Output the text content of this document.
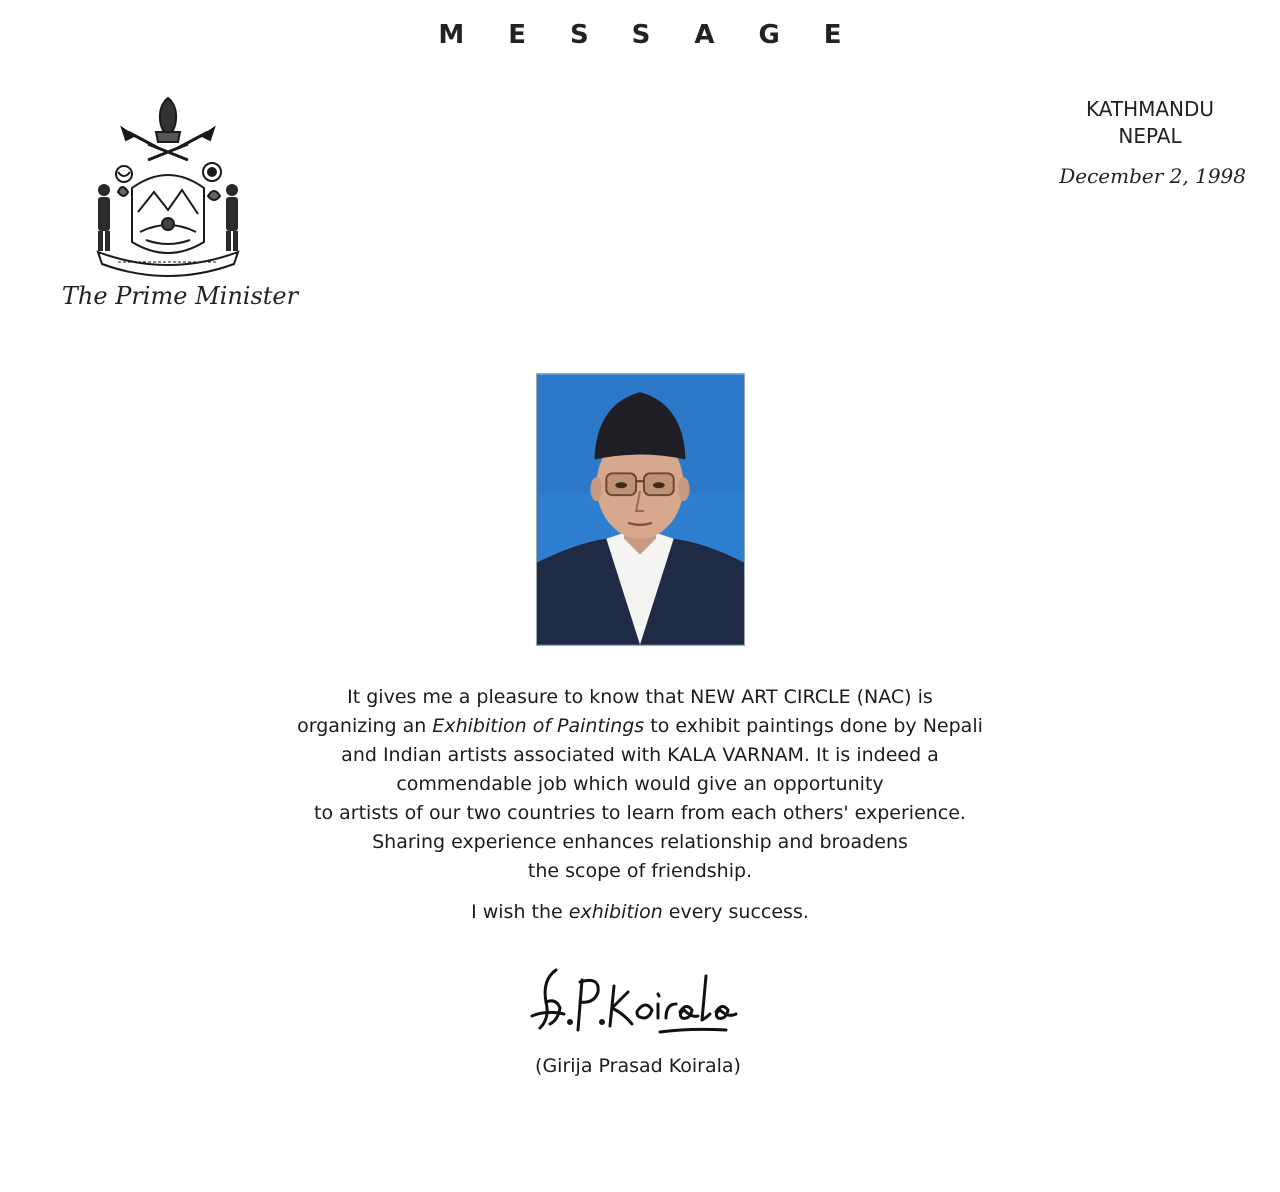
MESSAGE
The Prime Minister
KATHMANDU
NEPAL
December 2, 1998

It gives me a pleasure to know that NEW ART CIRCLE (NAC) is
organizing an Exhibition of Paintings to exhibit paintings done by Nepali
and Indian artists associated with KALA VARNAM. It is indeed a
commendable job which would give an opportunity
to artists of our two countries to learn from each others' experience.
Sharing experience enhances relationship and broadens
the scope of friendship.

I wish the exhibition every success.

(Girija Prasad Koirala)
